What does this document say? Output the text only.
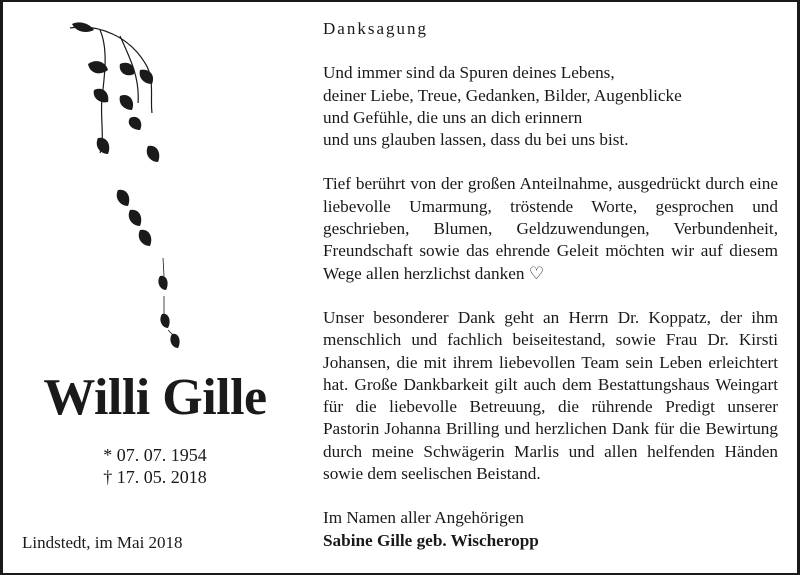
Willi Gille
* 07. 07. 1954
† 17. 05. 2018
Lindstedt, im Mai 2018

Danksagung

Und immer sind da Spuren deines Lebens,

deiner Liebe, Treue, Gedanken, Bilder, Augenblicke

und Gefühle, die uns an dich erinnern

und uns glauben lassen, dass du bei uns bist.

Tief berührt von der großen Anteilnahme, ausgedrückt durch eine liebevolle Umarmung, tröstende Worte, gesprochen und geschrieben, Blumen, Geldzuwendungen, Verbundenheit, Freundschaft sowie das ehrende Geleit möchten wir auf diesem Wege allen herzlichst danken ♡

Unser besonderer Dank geht an Herrn Dr. Koppatz, der ihm menschlich und fachlich beiseitestand, sowie Frau Dr. Kirsti Johansen, die mit ihrem liebevollen Team sein Leben erleichtert hat. Große Dankbarkeit gilt auch dem Bestattungshaus Weingart für die liebevolle Betreuung, die rührende Predigt unserer Pastorin Johanna Brilling und herzlichen Dank für die Bewirtung durch meine Schwägerin Marlis und allen helfenden Händen sowie dem seelischen Beistand.

Im Namen aller Angehörigen

Sabine Gille geb. Wischeropp
